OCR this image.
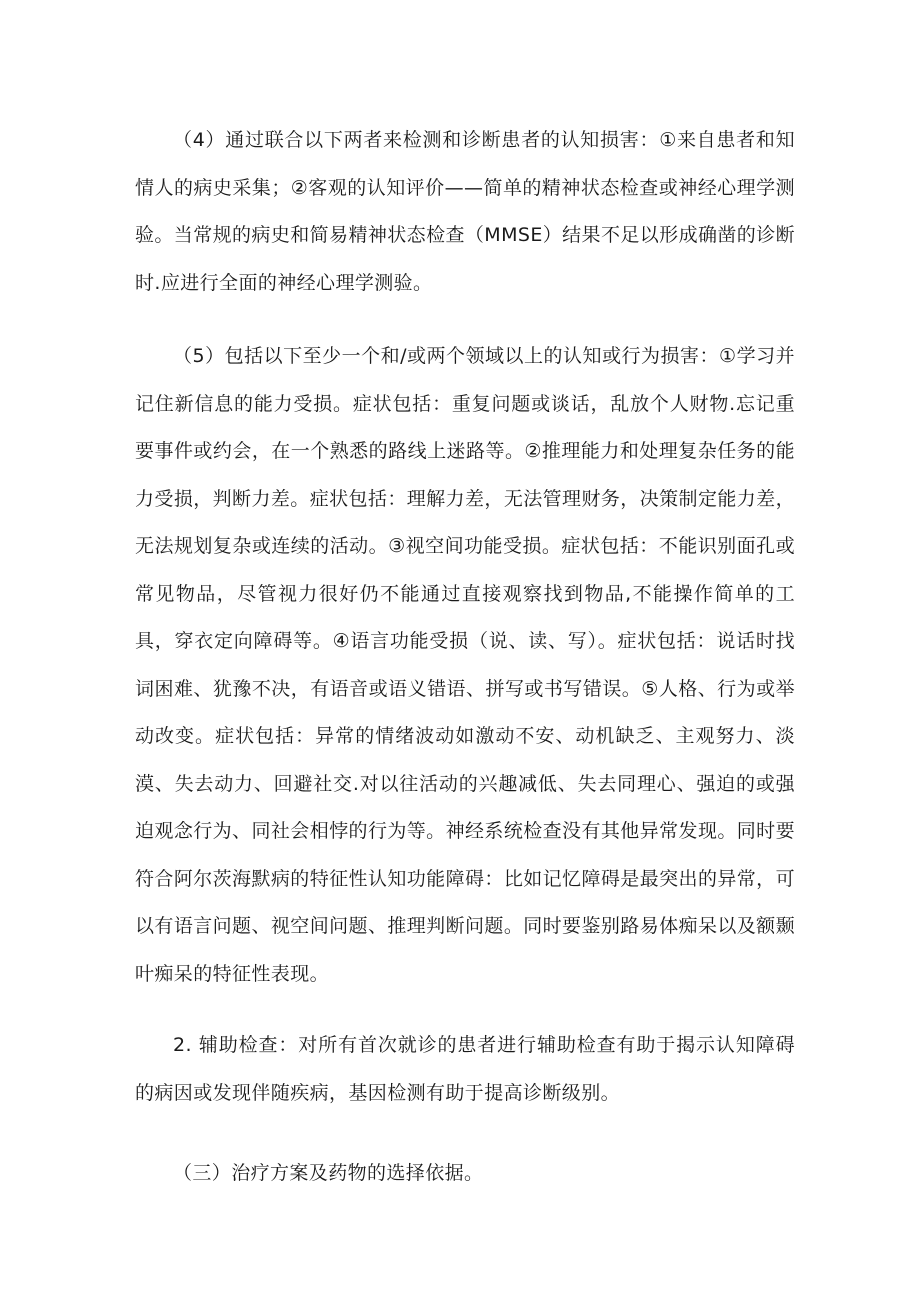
（4）通过联合以下两者来检测和诊断患者的认知损害：①来自患者和知情人的病史采集；②客观的认知评价——简单的精神状态检查或神经心理学测验。当常规的病史和简易精神状态检查（MMSE）结果不足以形成确凿的诊断时.应进行全面的神经心理学测验。

（5）包括以下至少一个和/或两个领域以上的认知或行为损害：①学习并记住新信息的能力受损。症状包括：重复问题或谈话，乱放个人财物.忘记重要事件或约会，在一个熟悉的路线上迷路等。②推理能力和处理复杂任务的能力受损，判断力差。症状包括：理解力差，无法管理财务，决策制定能力差，无法规划复杂或连续的活动。③视空间功能受损。症状包括：不能识别面孔或常见物品，尽管视力很好仍不能通过直接观察找到物品,不能操作简单的工具，穿衣定向障碍等。④语言功能受损（说、读、写）。症状包括：说话时找词困难、犹豫不决，有语音或语义错语、拼写或书写错误。⑤人格、行为或举动改变。症状包括：异常的情绪波动如激动不安、动机缺乏、主观努力、淡漠、失去动力、回避社交.对以往活动的兴趣减低、失去同理心、强迫的或强迫观念行为、同社会相悖的行为等。神经系统检查没有其他异常发现。同时要符合阿尔茨海默病的特征性认知功能障碍：比如记忆障碍是最突出的异常，可以有语言问题、视空间问题、推理判断问题。同时要鉴别路易体痴呆以及额颞叶痴呆的特征性表现。

2. 辅助检查：对所有首次就诊的患者进行辅助检查有助于揭示认知障碍的病因或发现伴随疾病，基因检测有助于提高诊断级别。

（三）治疗方案及药物的选择依据。
